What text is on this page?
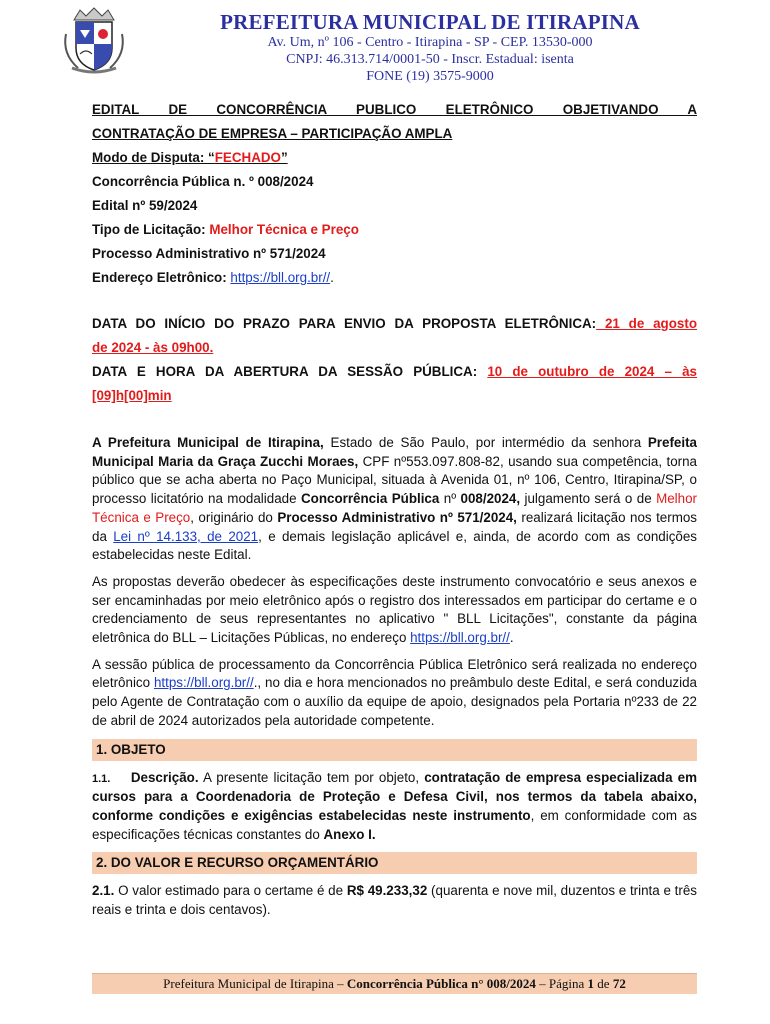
PREFEITURA MUNICIPAL DE ITIRAPINA
Av. Um, nº 106 - Centro - Itirapina - SP - CEP. 13530-000
CNPJ: 46.313.714/0001-50 - Inscr. Estadual: isenta
FONE (19) 3575-9000
EDITAL DE CONCORRÊNCIA PUBLICO ELETRÔNICO OBJETIVANDO A
CONTRATAÇÃO DE EMPRESA – PARTICIPAÇÃO AMPLA
Modo de Disputa: “FECHADO”
Concorrência Pública n. º 008/2024
Edital nº 59/2024
Tipo de Licitação: Melhor Técnica e Preço
Processo Administrativo nº 571/2024
Endereço Eletrônico: https://bll.org.br//.
DATA DO INÍCIO DO PRAZO PARA ENVIO DA PROPOSTA ELETRÔNICA: 21 de agosto
de 2024 - às 09h00.
DATA E HORA DA ABERTURA DA SESSÃO PÚBLICA: 10 de outubro de 2024 – às
[09]h[00]min

A Prefeitura Municipal de Itirapina, Estado de São Paulo, por intermédio da senhora Prefeita Municipal Maria da Graça Zucchi Moraes, CPF nº553.097.808-82, usando sua competência, torna público que se acha aberta no Paço Municipal, situada à Avenida 01, nº 106, Centro, Itirapina/SP, o processo licitatório na modalidade Concorrência Pública nº 008/2024, julgamento será o de Melhor Técnica e Preço, originário do Processo Administrativo nº 571/2024, realizará licitação nos termos da Lei nº 14.133, de 2021, e demais legislação aplicável e, ainda, de acordo com as condições estabelecidas neste Edital.

As propostas deverão obedecer às especificações deste instrumento convocatório e seus anexos e ser encaminhadas por meio eletrônico após o registro dos interessados em participar do certame e o credenciamento de seus representantes no aplicativo " BLL Licitações", constante da página eletrônica do BLL – Licitações Públicas, no endereço https://bll.org.br//.

A sessão pública de processamento da Concorrência Pública Eletrônico será realizada no endereço eletrônico https://bll.org.br//., no dia e hora mencionados no preâmbulo deste Edital, e será conduzida pelo Agente de Contratação com o auxílio da equipe de apoio, designados pela Portaria nº233 de 22 de abril de 2024 autorizados pela autoridade competente.

1. OBJETO

1.1. Descrição. A presente licitação tem por objeto, contratação de empresa especializada em cursos para a Coordenadoria de Proteção e Defesa Civil, nos termos da tabela abaixo, conforme condições e exigências estabelecidas neste instrumento, em conformidade com as especificações técnicas constantes do Anexo I.

2. DO VALOR E RECURSO ORÇAMENTÁRIO

2.1. O valor estimado para o certame é de R$ 49.233,32 (quarenta e nove mil, duzentos e trinta e três reais e trinta e dois centavos).

Prefeitura Municipal de Itirapina – Concorrência Pública n° 008/2024 – Página 1 de 72
